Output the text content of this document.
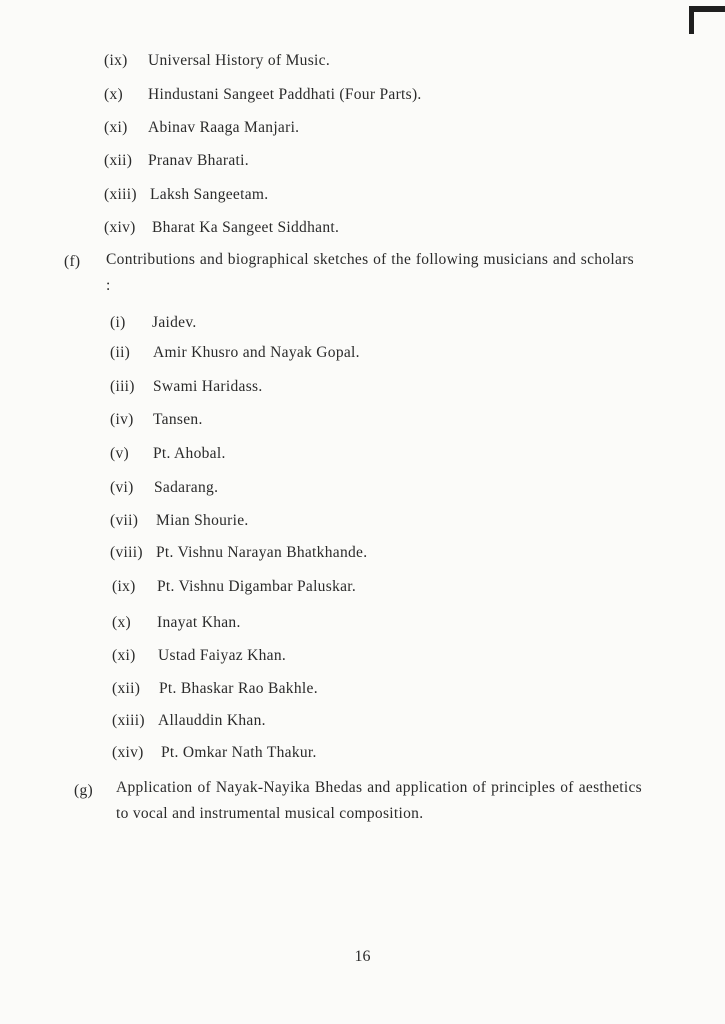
(ix) Universal History of Music.
(x) Hindustani Sangeet Paddhati (Four Parts).
(xi) Abinav Raaga Manjari.
(xii) Pranav Bharati.
(xiii) Laksh Sangeetam.
(xiv) Bharat Ka Sangeet Siddhant.
(f) Contributions and biographical sketches of the following musicians and scholars :
(i) Jaidev.
(ii) Amir Khusro and Nayak Gopal.
(iii) Swami Haridass.
(iv) Tansen.
(v) Pt. Ahobal.
(vi) Sadarang.
(vii) Mian Shourie.
(viii) Pt. Vishnu Narayan Bhatkhande.
(ix) Pt. Vishnu Digambar Paluskar.
(x) Inayat Khan.
(xi) Ustad Faiyaz Khan.
(xii) Pt. Bhaskar Rao Bakhle.
(xiii) Allauddin Khan.
(xiv) Pt. Omkar Nath Thakur.
(g) Application of Nayak-Nayika Bhedas and application of principles of aesthetics to vocal and instrumental musical composition.
16
